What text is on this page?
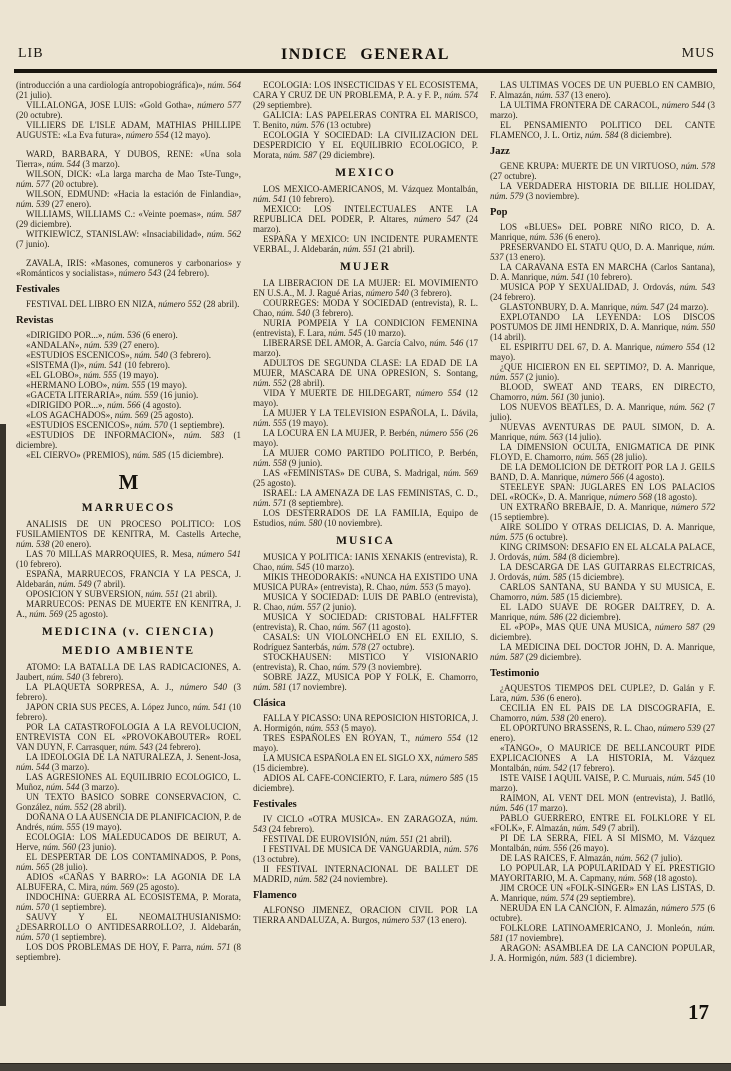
LIB	INDICE GENERAL	MUS

(introducción a una cardiología antropobiográfica)», núm. 564 (21 julio).

VILLALONGA, JOSE LUIS: «Gold Gotha», número 577 (20 octubre).

VILLIERS DE L'ISLE ADAM, MATHIAS PHILLIPE AUGUSTE: «La Eva futura», número 554 (12 mayo).

WARD, BARBARA, Y DUBOS, RENE: «Una sola Tierra», núm. 544 (3 marzo).

WILSON, DICK: «La larga marcha de Mao Tste-Tung», núm. 577 (20 octubre).

WILSON, EDMUND: «Hacia la estación de Finlandia», núm. 539 (27 enero).

WILLIAMS, WILLIAMS C.: «Veinte poemas», núm. 587 (29 diciembre).

WITKIEWICZ, STANISLAW: «Insaciabilidad», núm. 562 (7 junio).

ZAVALA, IRIS: «Masones, comuneros y carbonarios» y «Románticos y socialistas», número 543 (24 febrero).

Festivales

FESTIVAL DEL LIBRO EN NIZA, número 552 (28 abril).

Revistas

«DIRIGIDO POR...», núm. 536 (6 enero).

«ANDALAN», núm. 539 (27 enero).

«ESTUDIOS ESCENICOS», núm. 540 (3 febrero).

«SISTEMA (I)», núm. 541 (10 febrero).

«EL GLOBO», núm. 555 (19 mayo).

«HERMANO LOBO», núm. 555 (19 mayo).

«GACETA LITERARIA», núm. 559 (16 junio).

«DIRIGIDO POR...», núm. 566 (4 agosto).

«LOS AGACHADOS», núm. 569 (25 agosto).

«ESTUDIOS ESCENICOS», núm. 570 (1 septiembre).

«ESTUDIOS DE INFORMACION», núm. 583 (1 diciembre).

«EL CIERVO» (PREMIOS), núm. 585 (15 diciembre).

M

MARRUECOS

ANALISIS DE UN PROCESO POLITICO: LOS FUSILAMIENTOS DE KENITRA, M. Castells Arteche, núm. 538 (20 enero).

LAS 70 MILLAS MARROQUIES, R. Mesa, número 541 (10 febrero).

ESPAÑA, MARRUECOS, FRANCIA Y LA PESCA, J. Aldebarán, núm. 549 (7 abril).

OPOSICION Y SUBVERSION, núm. 551 (21 abril).

MARRUECOS: PENAS DE MUERTE EN KENITRA, J. A., núm. 569 (25 agosto).

MEDICINA (v. CIENCIA)

MEDIO AMBIENTE

ATOMO: LA BATALLA DE LAS RADICACIONES, A. Jaubert, núm. 540 (3 febrero).

LA PLAQUETA SORPRESA, A. J., número 540 (3 febrero).

JAPON CRIA SUS PECES, A. López Junco, núm. 541 (10 febrero).

POR LA CATASTROFOLOGIA A LA REVOLUCION, ENTREVISTA CON EL «PROVOKABOUTER» ROEL VAN DUYN, F. Carrasquer, núm. 543 (24 febrero).

LA IDEOLOGIA DE LA NATURALEZA, J. Senent-Josa, núm. 544 (3 marzo).

LAS AGRESIONES AL EQUILIBRIO ECOLOGICO, L. Muñoz, núm. 544 (3 marzo).

UN TEXTO BASICO SOBRE CONSERVACION, C. González, núm. 552 (28 abril).

DOÑANA O LA AUSENCIA DE PLANIFICACION, P. de Andrés, núm. 555 (19 mayo).

ECOLOGIA: LOS MALEDUCADOS DE BEIRUT, A. Herve, núm. 560 (23 junio).

EL DESPERTAR DE LOS CONTAMINADOS, P. Pons, núm. 565 (28 julio).

ADIOS «CAÑAS Y BARRO»: LA AGONIA DE LA ALBUFERA, C. Mira, núm. 569 (25 agosto).

INDOCHINA: GUERRA AL ECOSISTEMA, P. Morata, núm. 570 (1 septiembre).

SAUVY Y EL NEOMALTHUSIANISMO: ¿DESARROLLO O ANTIDESARROLLO?, J. Aldebarán, núm. 570 (1 septiembre).

LOS DOS PROBLEMAS DE HOY, F. Parra, núm. 571 (8 septiembre).

ECOLOGIA: LOS INSECTICIDAS Y EL ECOSISTEMA, CARA Y CRUZ DE UN PROBLEMA, P. A. y F. P., núm. 574 (29 septiembre).

GALICIA: LAS PAPELERAS CONTRA EL MARISCO, T. Benito, núm. 576 (13 octubre)

ECOLOGIA Y SOCIEDAD: LA CIVILIZACION DEL DESPERDICIO Y EL EQUILIBRIO ECOLOGICO, P. Morata, núm. 587 (29 diciembre).

MEXICO

LOS MEXICO-AMERICANOS, M. Vázquez Montalbán, núm. 541 (10 febrero).

MEXICO: LOS INTELECTUALES ANTE LA REPUBLICA DEL PODER, P. Altares, número 547 (24 marzo).

ESPAÑA Y MEXICO: UN INCIDENTE PURAMENTE VERBAL, J. Aldebarán, núm. 551 (21 abril).

MUJER

LA LIBERACION DE LA MUJER: EL MOVIMIENTO EN U.S.A., M. J. Ragué Arias, número 540 (3 febrero).

COURREGES: MODA Y SOCIEDAD (entrevista), R. L. Chao, núm. 540 (3 febrero).

NURIA POMPEIA Y LA CONDICION FEMENINA (entrevista), F. Lara, núm. 545 (10 marzo).

LIBERARSE DEL AMOR, A. García Calvo, núm. 546 (17 marzo).

ADULTOS DE SEGUNDA CLASE: LA EDAD DE LA MUJER, MASCARA DE UNA OPRESION, S. Sontang, núm. 552 (28 abril).

VIDA Y MUERTE DE HILDEGART, número 554 (12 mayo).

LA MUJER Y LA TELEVISION ESPAÑOLA, L. Dávila, núm. 555 (19 mayo).

LA LOCURA EN LA MUJER, P. Berbén, número 556 (26 mayo).

LA MUJER COMO PARTIDO POLITICO, P. Berbén, núm. 558 (9 junio).

LAS «FEMINISTAS» DE CUBA, S. Madrigal, núm. 569 (25 agosto).

ISRAEL: LA AMENAZA DE LAS FEMINISTAS, C. D., núm. 571 (8 septiembre).

LOS DESTERRADOS DE LA FAMILIA, Equipo de Estudios, núm. 580 (10 noviembre).

MUSICA

MUSICA Y POLITICA: IANIS XENAKIS (entrevista), R. Chao, núm. 545 (10 marzo).

MIKIS THEODORAKIS: «NUNCA HA EXISTIDO UNA MUSICA PURA» (entrevista), R. Chao, núm. 553 (5 mayo).

MUSICA Y SOCIEDAD: LUIS DE PABLO (entrevista), R. Chao, núm. 557 (2 junio).

MUSICA Y SOCIEDAD: CRISTOBAL HALFFTER (entrevista), R. Chao, núm. 567 (11 agosto).

CASALS: UN VIOLONCHELO EN EL EXILIO, S. Rodríguez Santerbás, núm. 578 (27 octubre).

STOCKHAUSEN: MISTICO Y VISIONARIO (entrevista), R. Chao, núm. 579 (3 noviembre).

SOBRE JAZZ, MUSICA POP Y FOLK, E. Chamorro, núm. 581 (17 noviembre).

Clásica

FALLA Y PICASSO: UNA REPOSICION HISTORICA, J. A. Hormigón, núm. 553 (5 mayo).

TRES ESPAÑOLES EN ROYAN, T., número 554 (12 mayo).

LA MUSICA ESPAÑOLA EN EL SIGLO XX, número 585 (15 diciembre).

ADIOS AL CAFE-CONCIERTO, F. Lara, número 585 (15 diciembre).

Festivales

IV CICLO «OTRA MUSICA». EN ZARAGOZA, núm. 543 (24 febrero).

FESTIVAL DE EUROVISIÓN, núm. 551 (21 abril).

I FESTIVAL DE MUSICA DE VANGUARDIA, núm. 576 (13 octubre).

II FESTIVAL INTERNACIONAL DE BALLET DE MADRID, núm. 582 (24 noviembre).

Flamenco

ALFONSO JIMENEZ, ORACION CIVIL POR LA TIERRA ANDALUZA, A. Burgos, número 537 (13 enero).

LAS ULTIMAS VOCES DE UN PUEBLO EN CAMBIO, F. Almazán, núm. 537 (13 enero).

LA ULTIMA FRONTERA DE CARACOL, número 544 (3 marzo).

EL PENSAMIENTO POLITICO DEL CANTE FLAMENCO, J. L. Ortiz, núm. 584 (8 diciembre).

Jazz

GENE KRUPA: MUERTE DE UN VIRTUOSO, núm. 578 (27 octubre).

LA VERDADERA HISTORIA DE BILLIE HOLIDAY, núm. 579 (3 noviembre).

Pop

LOS «BLUES» DEL POBRE NIÑO RICO, D. A. Manrique, núm. 536 (6 enero).

PRESERVANDO EL STATU QUO, D. A. Manrique, núm. 537 (13 enero).

LA CARAVANA ESTA EN MARCHA (Carlos Santana), D. A. Manrique, núm. 541 (10 febrero).

MUSICA POP Y SEXUALIDAD, J. Ordovás, núm. 543 (24 febrero).

GLASTONBURY, D. A. Manrique, núm. 547 (24 marzo).

EXPLOTANDO LA LEYENDA: LOS DISCOS POSTUMOS DE JIMI HENDRIX, D. A. Manrique, núm. 550 (14 abril).

EL ESPIRITU DEL 67, D. A. Manrique, número 554 (12 mayo).

¿QUE HICIERON EN EL SEPTIMO?, D. A. Manrique, núm. 557 (2 junio).

BLOOD, SWEAT AND TEARS, EN DIRECTO, Chamorro, núm. 561 (30 junio).

LOS NUEVOS BEATLES, D. A. Manrique, núm. 562 (7 julio).

NUEVAS AVENTURAS DE PAUL SIMON, D. A. Manrique, núm. 563 (14 julio).

LA DIMENSION OCULTA, ENIGMATICA DE PINK FLOYD, E. Chamorro, núm. 565 (28 julio).

DE LA DEMOLICION DE DETROIT POR LA J. GEILS BAND, D. A. Manrique, número 566 (4 agosto).

STEELEYE SPAN: JUGLARES EN LOS PALACIOS DEL «ROCK», D. A. Manrique, número 568 (18 agosto).

UN EXTRAÑO BREBAJE, D. A. Manrique, número 572 (15 septiembre).

AIRE SOLIDO Y OTRAS DELICIAS, D. A. Manrique, núm. 575 (6 octubre).

KING CRIMSON: DESAFIO EN EL ALCALA PALACE, J. Ordovás, núm. 584 (8 diciembre).

LA DESCARGA DE LAS GUITARRAS ELECTRICAS, J. Ordovás, núm. 585 (15 diciembre).

CARLOS SANTANA, SU BANDA Y SU MUSICA, E. Chamorro, núm. 585 (15 diciembre).

EL LADO SUAVE DE ROGER DALTREY, D. A. Manrique, núm. 586 (22 diciembre).

EL «POP», MAS QUE UNA MUSICA, número 587 (29 diciembre).

LA MEDICINA DEL DOCTOR JOHN, D. A. Manrique, núm. 587 (29 diciembre).

Testimonio

¿AQUESTOS TIEMPOS DEL CUPLE?, D. Galán y F. Lara, núm. 536 (6 enero).

CECILIA EN EL PAIS DE LA DISCOGRAFIA, E. Chamorro, núm. 538 (20 enero).

EL OPORTUNO BRASSENS, R. L. Chao, número 539 (27 enero).

«TANGO», O MAURICE DE BELLANCOURT PIDE EXPLICACIONES A LA HISTORIA, M. Vázquez Montalbán, núm. 542 (17 febrero).

ISTE VAISE I AQUIL VAISE, P. C. Muruais, núm. 545 (10 marzo).

RAIMON, AL VENT DEL MON (entrevista), J. Batlló, núm. 546 (17 marzo).

PABLO GUERRERO, ENTRE EL FOLKLORE Y EL «FOLK», F. Almazán, núm. 549 (7 abril).

PI DE LA SERRA, FIEL A SI MISMO, M. Vázquez Montalbán, núm. 556 (26 mayo).

DE LAS RAICES, F. Almazán, núm. 562 (7 julio).

LO POPULAR, LA POPULARIDAD Y EL PRESTIGIO MAYORITARIO, M. A. Capmany, núm. 568 (18 agosto).

JIM CROCE UN «FOLK-SINGER» EN LAS LISTAS, D. A. Manrique, núm. 574 (29 septiembre).

NERUDA EN LA CANCION, F. Almazán, número 575 (6 octubre).

FOLKLORE LATINOAMERICANO, J. Monleón, núm. 581 (17 noviembre).

ARAGON: ASAMBLEA DE LA CANCION POPULAR, J. A. Hormigón, núm. 583 (1 diciembre).

17
